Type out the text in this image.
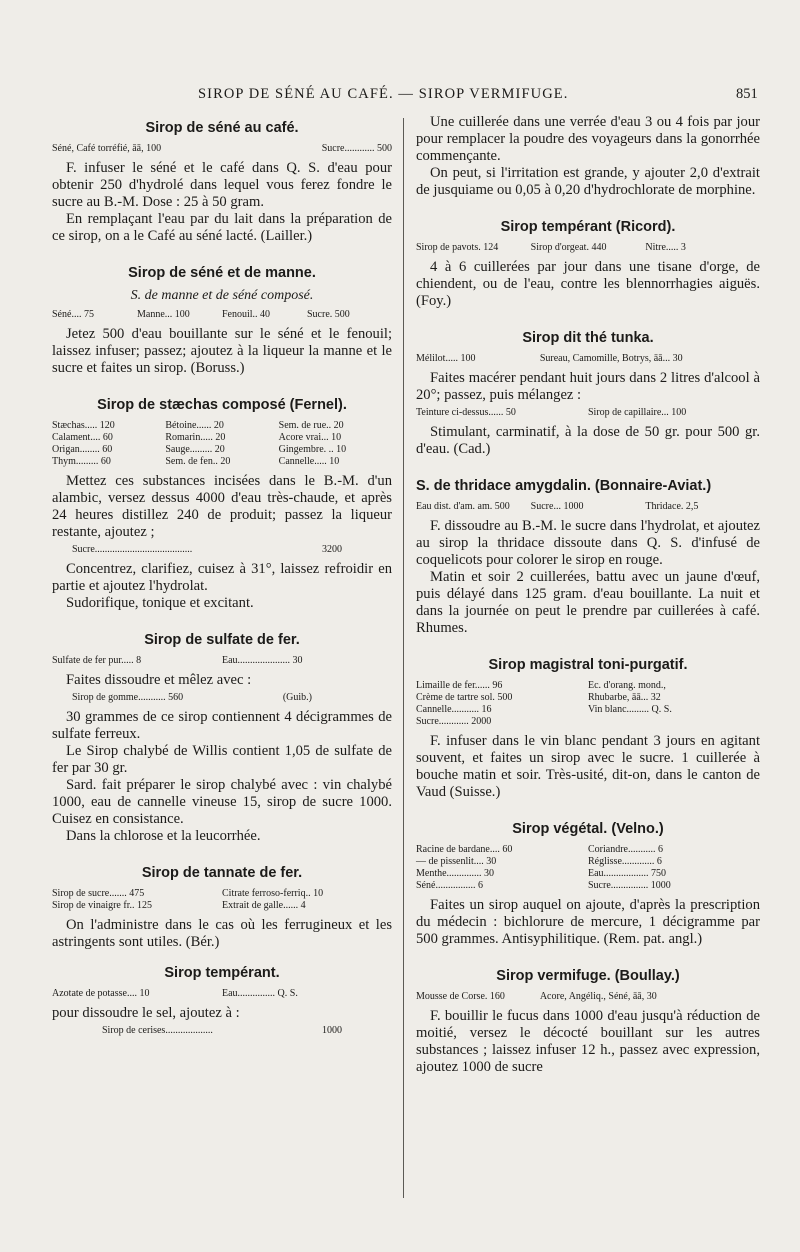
SIROP DE SÉNÉ AU CAFÉ. — SIROP VERMIFUGE.	851
Sirop de séné au café.
Séné, Café torréfié, āā, 100	Sucre............ 500

F. infuser le séné et le café dans Q. S. d'eau pour obtenir 250 d'hydrolé dans lequel vous ferez fondre le sucre au B.-M. Dose : 25 à 50 gram.

En remplaçant l'eau par du lait dans la préparation de ce sirop, on a le Café au séné lacté. (Lailler.)

Sirop de séné et de manne.
S. de manne et de séné composé.
Séné.... 75	Manne... 100	Fenouil.. 40	Sucre. 500

Jetez 500 d'eau bouillante sur le séné et le fenouil; laissez infuser; passez; ajoutez à la liqueur la manne et le sucre et faites un sirop. (Boruss.)

Sirop de stæchas composé (Fernel).
Stæchas..... 120	Bétoine...... 20	Sem. de rue.. 20
Calament.... 60	Romarin..... 20	Acore vrai... 10
Origan........ 60	Sauge......... 20	Gingembre. .. 10
Thym......... 60	Sem. de fen.. 20	Cannelle..... 10

Mettez ces substances incisées dans le B.-M. d'un alambic, versez dessus 4000 d'eau très-chaude, et après 24 heures distillez 240 de produit; passez la liqueur restante, ajoutez ;

Sucre.......................................	3200

Concentrez, clarifiez, cuisez à 31°, laissez refroidir en partie et ajoutez l'hydrolat.

Sudorifique, tonique et excitant.

Sirop de sulfate de fer.
Sulfate de fer pur..... 8	Eau..................... 30

Faites dissoudre et mêlez avec :

Sirop de gomme........... 560	(Guib.)

30 grammes de ce sirop contiennent 4 décigrammes de sulfate ferreux.

Le Sirop chalybé de Willis contient 1,05 de sulfate de fer par 30 gr.

Sard. fait préparer le sirop chalybé avec : vin chalybé 1000, eau de cannelle vineuse 15, sirop de sucre 1000. Cuisez en consistance.

Dans la chlorose et la leucorrhée.

Sirop de tannate de fer.
Sirop de sucre....... 475	Citrate ferroso-ferriq.. 10
Sirop de vinaigre fr.. 125	Extrait de galle...... 4

On l'administre dans le cas où les ferrugineux et les astringents sont utiles. (Bér.)

Sirop tempérant.
Azotate de potasse.... 10	Eau............... Q. S.

pour dissoudre le sel, ajoutez à :

Sirop de cerises...................	1000

Une cuillerée dans une verrée d'eau 3 ou 4 fois par jour pour remplacer la poudre des voyageurs dans la gonorrhée commençante.

On peut, si l'irritation est grande, y ajouter 2,0 d'extrait de jusquiame ou 0,05 à 0,20 d'hydrochlorate de morphine.

Sirop tempérant (Ricord).
Sirop de pavots. 124	Sirop d'orgeat. 440	Nitre..... 3

4 à 6 cuillerées par jour dans une tisane d'orge, de chiendent, ou de l'eau, contre les blennorrhagies aiguës. (Foy.)

Sirop dit thé tunka.
Mélilot..... 100	Sureau, Camomille, Botrys, āā... 30

Faites macérer pendant huit jours dans 2 litres d'alcool à 20°; passez, puis mélangez :

Teinture ci-dessus...... 50	Sirop de capillaire... 100

Stimulant, carminatif, à la dose de 50 gr. pour 500 gr. d'eau. (Cad.)

S. de thridace amygdalin. (Bonnaire-Aviat.)
Eau dist. d'am. am. 500	Sucre... 1000	Thridace. 2,5

F. dissoudre au B.-M. le sucre dans l'hydrolat, et ajoutez au sirop la thridace dissoute dans Q. S. d'infusé de coquelicots pour colorer le sirop en rouge.

Matin et soir 2 cuillerées, battu avec un jaune d'œuf, puis délayé dans 125 gram. d'eau bouillante. La nuit et dans la journée on peut le prendre par cuillerées à café. Rhumes.

Sirop magistral toni-purgatif.
Limaille de fer...... 96	Ec. d'orang. mond.,
Crème de tartre sol. 500	Rhubarbe, āā... 32
Cannelle........... 16	Vin blanc......... Q. S.
Sucre............ 2000

F. infuser dans le vin blanc pendant 3 jours en agitant souvent, et faites un sirop avec le sucre. 1 cuillerée à bouche matin et soir. Très-usité, dit-on, dans le canton de Vaud (Suisse.)

Sirop végétal. (Velno.)
Racine de bardane.... 60	Coriandre........... 6
— de pissenlit.... 30	Réglisse............. 6
Menthe.............. 30	Eau.................. 750
Séné................ 6	Sucre............... 1000

Faites un sirop auquel on ajoute, d'après la prescription du médecin : bichlorure de mercure, 1 décigramme par 500 grammes. Antisyphilitique. (Rem. pat. angl.)

Sirop vermifuge. (Boullay.)
Mousse de Corse. 160	Acore, Angéliq., Séné, āā, 30

F. bouillir le fucus dans 1000 d'eau jusqu'à réduction de moitié, versez le décocté bouillant sur les autres substances ; laissez infuser 12 h., passez avec expression, ajoutez 1000 de sucre
